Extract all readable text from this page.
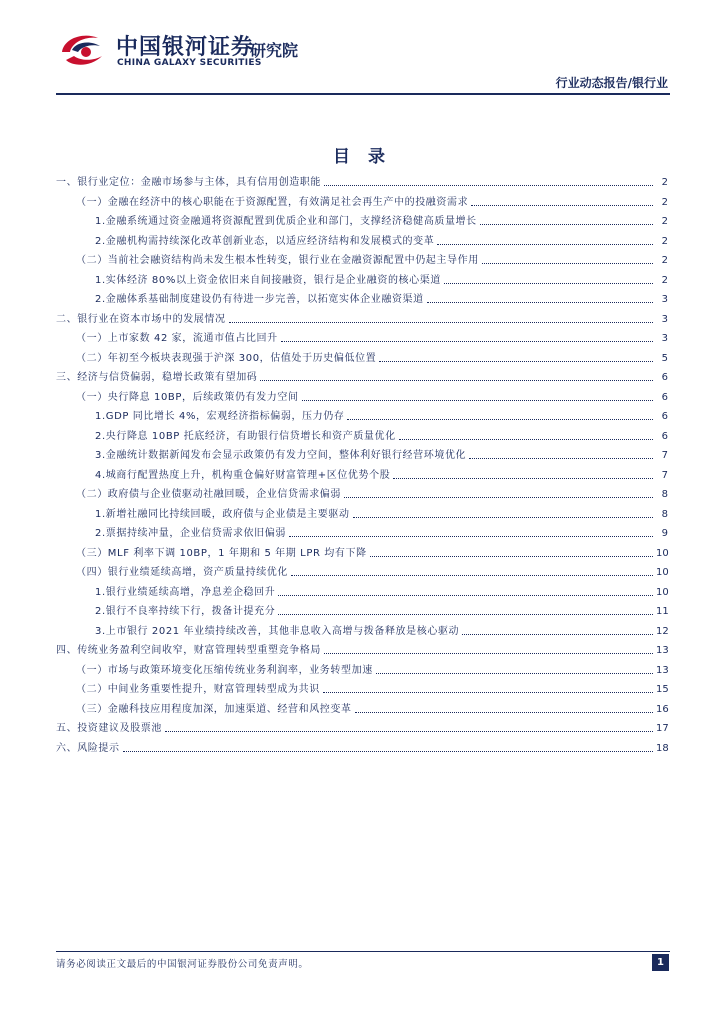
中国银河证券
CHINA GALAXY SECURITIES
研究院
行业动态报告/银行业
目 录
一、银行业定位：金融市场参与主体，具有信用创造职能	2
（一）金融在经济中的核心职能在于资源配置，有效满足社会再生产中的投融资需求	2
1.金融系统通过资金融通将资源配置到优质企业和部门，支撑经济稳健高质量增长	2
2.金融机构需持续深化改革创新业态，以适应经济结构和发展模式的变革	2
（二）当前社会融资结构尚未发生根本性转变，银行业在金融资源配置中仍起主导作用	2
1.实体经济 80%以上资金依旧来自间接融资，银行是企业融资的核心渠道	2
2.金融体系基础制度建设仍有待进一步完善，以拓宽实体企业融资渠道	3
二、银行业在资本市场中的发展情况	3
（一）上市家数 42 家，流通市值占比回升	3
（二）年初至今板块表现强于沪深 300，估值处于历史偏低位置	5
三、经济与信贷偏弱，稳增长政策有望加码	6
（一）央行降息 10BP，后续政策仍有发力空间	6
1.GDP 同比增长 4%，宏观经济指标偏弱，压力仍存	6
2.央行降息 10BP 托底经济，有助银行信贷增长和资产质量优化	6
3.金融统计数据新闻发布会显示政策仍有发力空间，整体利好银行经营环境优化	7
4.城商行配置热度上升，机构重仓偏好财富管理+区位优势个股	7
（二）政府债与企业债驱动社融回暖，企业信贷需求偏弱	8
1.新增社融同比持续回暖，政府债与企业债是主要驱动	8
2.票据持续冲量，企业信贷需求依旧偏弱	9
（三）MLF 利率下调 10BP，1 年期和 5 年期 LPR 均有下降	10
（四）银行业绩延续高增，资产质量持续优化	10
1.银行业绩延续高增，净息差企稳回升	10
2.银行不良率持续下行，拨备计提充分	11
3.上市银行 2021 年业绩持续改善，其他非息收入高增与拨备释放是核心驱动	12
四、传统业务盈利空间收窄，财富管理转型重塑竞争格局	13
（一）市场与政策环境变化压缩传统业务利润率，业务转型加速	13
（二）中间业务重要性提升，财富管理转型成为共识	15
（三）金融科技应用程度加深，加速渠道、经营和风控变革	16
五、投资建议及股票池	17
六、风险提示	18
请务必阅读正文最后的中国银河证券股份公司免责声明。	1
